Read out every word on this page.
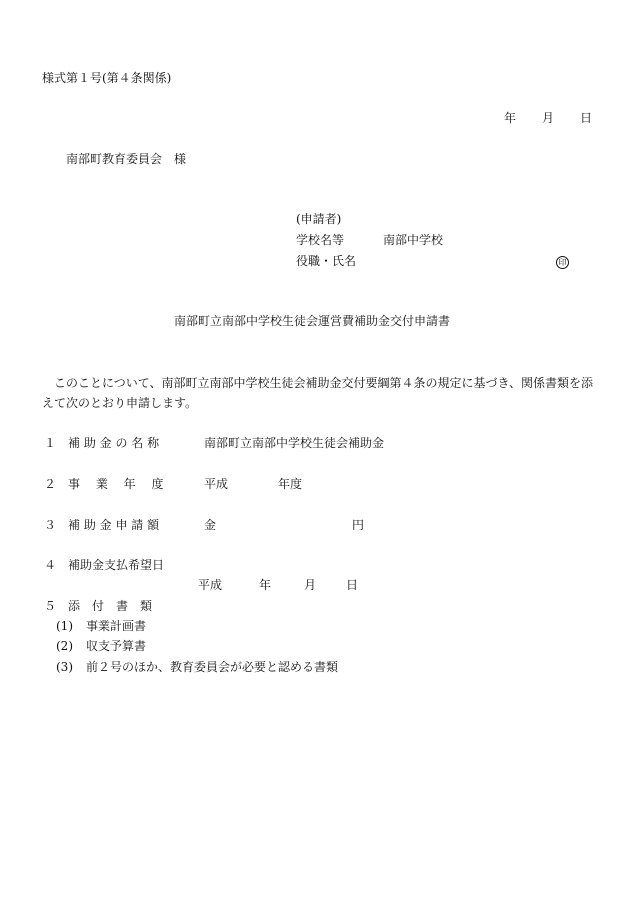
様式第１号(第４条関係)
年 月 日
南部町教育委員会　様
(申請者)
学校名等	南部中学校
役職・氏名	印
南部町立南部中学校生徒会運営費補助金交付申請書
このことについて、南部町立南部中学校生徒会補助金交付要綱第４条の規定に基づき、関係書類を添えて次のとおり申請します。
１ 補 助 金 の 名 称	南部町立南部中学校生徒会補助金
２ 事　 業　 年　 度	平成	年度
３ 補 助 金 申 請 額	金	円
４ 補助金支払希望日
平成	年	月 日
５ 添　付　書　類
(1) 事業計画書
(2) 収支予算書
(3) 前２号のほか、教育委員会が必要と認める書類
